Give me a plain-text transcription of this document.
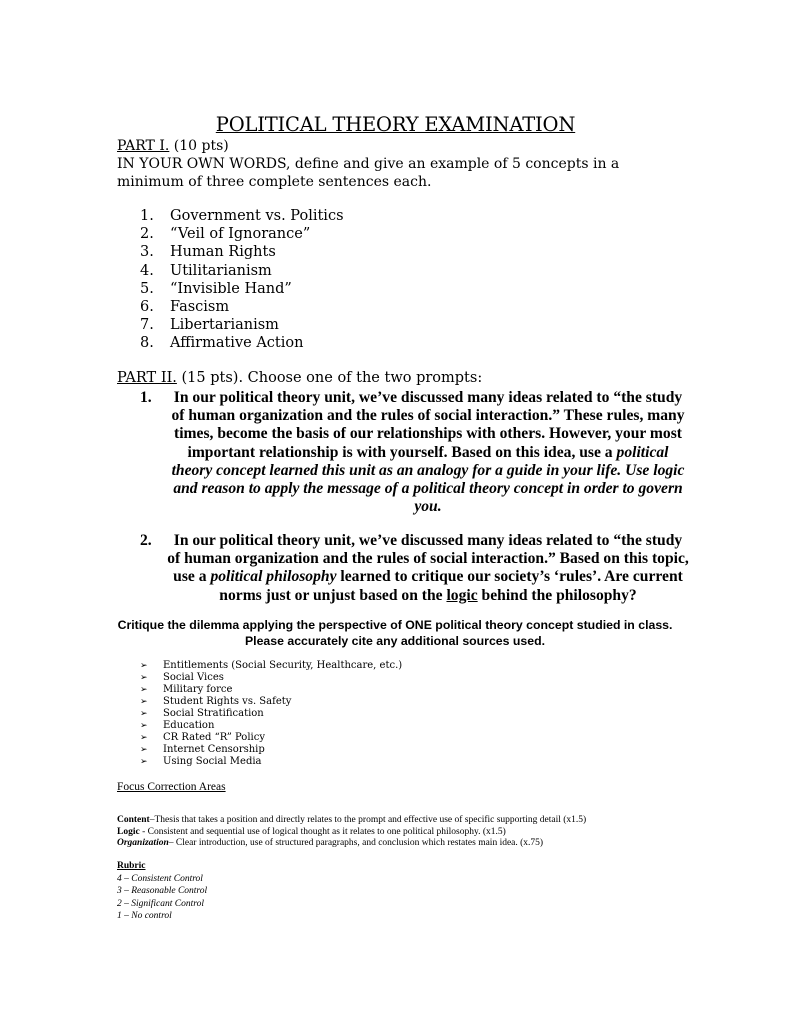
POLITICAL THEORY EXAMINATION
PART I. (10 pts)
IN YOUR OWN WORDS, define and give an example of 5 concepts in a minimum of three complete sentences each.
1. Government vs. Politics
2. “Veil of Ignorance”
3. Human Rights
4. Utilitarianism
5. “Invisible Hand”
6. Fascism
7. Libertarianism
8. Affirmative Action
PART II. (15 pts). Choose one of the two prompts:
1.	In our political theory unit, we’ve discussed many ideas related to “the study of human organization and the rules of social interaction.” These rules, many times, become the basis of our relationships with others. However, your most important relationship is with yourself. Based on this idea, use a political theory concept learned this unit as an analogy for a guide in your life. Use logic and reason to apply the message of a political theory concept in order to govern you.
2.	In our political theory unit, we’ve discussed many ideas related to “the study of human organization and the rules of social interaction.” Based on this topic, use a political philosophy learned to critique our society’s ‘rules’. Are current norms just or unjust based on the logic behind the philosophy?
Critique the dilemma applying the perspective of ONE political theory concept studied in class.
Please accurately cite any additional sources used.
➢ Entitlements (Social Security, Healthcare, etc.)
➢ Social Vices
➢ Military force
➢ Student Rights vs. Safety
➢ Social Stratification
➢ Education
➢ CR Rated “R” Policy
➢ Internet Censorship
➢ Using Social Media
Focus Correction Areas
Content–Thesis that takes a position and directly relates to the prompt and effective use of specific supporting detail (x1.5)
Logic - Consistent and sequential use of logical thought as it relates to one political philosophy. (x1.5)
Organization– Clear introduction, use of structured paragraphs, and conclusion which restates main idea. (x.75)
Rubric
4 – Consistent Control
3 – Reasonable Control
2 – Significant Control
1 – No control
